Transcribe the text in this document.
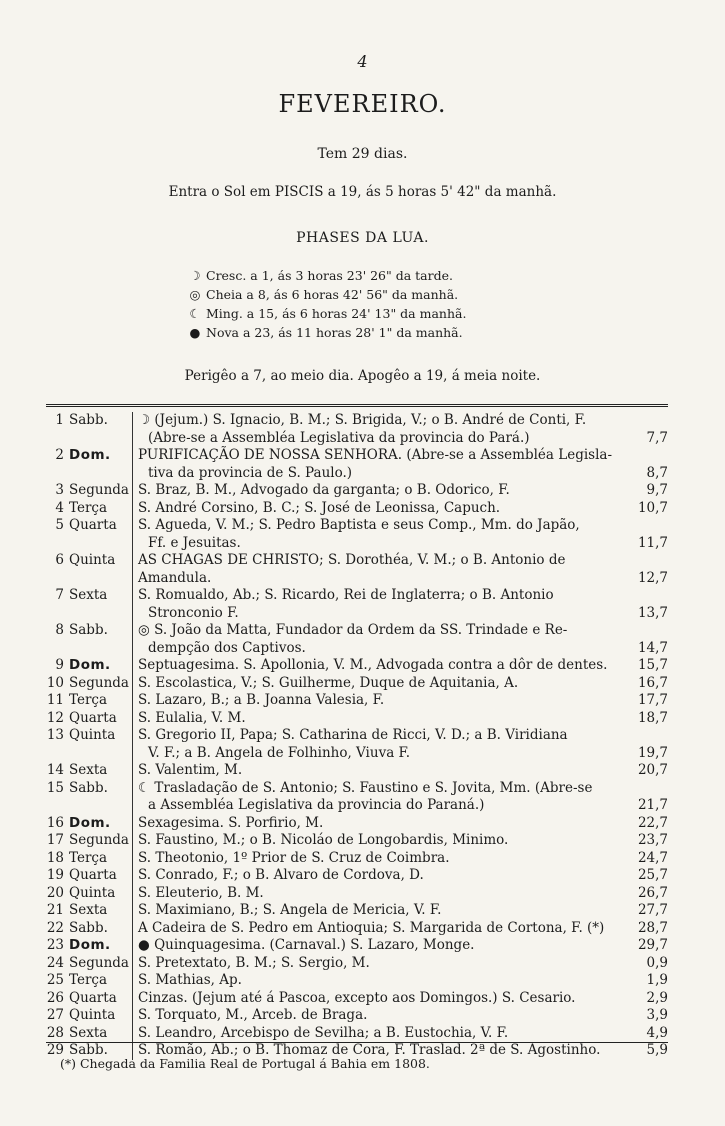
4
FEVEREIRO.
Tem 29 dias.
Entra o Sol em PISCIS a 19, ás 5 horas 5' 42" da manhã.
PHASES DA LUA.
☽ Cresc. a 1, ás 3 horas 23' 26" da tarde.
◎ Cheia a 8, ás 6 horas 42' 56" da manhã.
☾ Ming. a 15, ás 6 horas 24' 13" da manhã.
● Nova a 23, ás 11 horas 28' 1" da manhã.
Perigêo a 7, ao meio dia. Apogêo a 19, á meia noite.
1 Sabb.	☽ (Jejum.) S. Ignacio, B. M.; S. Brigida, V.; o B. André de Conti, F.
(Abre-se a Assembléa Legislativa da provincia do Pará.)	7,7
2 Dom.	PURIFICAÇÃO DE NOSSA SENHORA. (Abre-se a Assembléa Legisla-
tiva da provincia de S. Paulo.)	8,7
3 Segunda S. Braz, B. M., Advogado da garganta; o B. Odorico, F.	9,7
4 Terça	S. André Corsino, B. C.; S. José de Leonissa, Capuch.	10,7
5 Quarta	S. Agueda, V. M.; S. Pedro Baptista e seus Comp., Mm. do Japão,
Ff. e Jesuitas.	11,7
6 Quinta	AS CHAGAS DE CHRISTO; S. Dorothéa, V. M.; o B. Antonio de Amandula.	12,7
7 Sexta	S. Romualdo, Ab.; S. Ricardo, Rei de Inglaterra; o B. Antonio
Stronconio F.	13,7
8 Sabb.	◎ S. João da Matta, Fundador da Ordem da SS. Trindade e Re-
dempção dos Captivos.	14,7
9 Dom.	Septuagesima. S. Apollonia, V. M., Advogada contra a dôr de dentes.	15,7
10 Segunda S. Escolastica, V.; S. Guilherme, Duque de Aquitania, A.	16,7
11 Terça	S. Lazaro, B.; a B. Joanna Valesia, F.	17,7
12 Quarta	S. Eulalia, V. M.	18,7
13 Quinta	S. Gregorio II, Papa; S. Catharina de Ricci, V. D.; a B. Viridiana
V. F.; a B. Angela de Folhinho, Viuva F.	19,7
14 Sexta	S. Valentim, M.	20,7
15 Sabb.	☾ Trasladação de S. Antonio; S. Faustino e S. Jovita, Mm. (Abre-se
a Assembléa Legislativa da provincia do Paraná.)	21,7
16 Dom.	Sexagesima. S. Porfirio, M.	22,7
17 Segunda S. Faustino, M.; o B. Nicoláo de Longobardis, Minimo.	23,7
18 Terça	S. Theotonio, 1º Prior de S. Cruz de Coimbra.	24,7
19 Quarta	S. Conrado, F.; o B. Alvaro de Cordova, D.	25,7
20 Quinta	S. Eleuterio, B. M.	26,7
21 Sexta	S. Maximiano, B.; S. Angela de Mericia, V. F.	27,7
22 Sabb.	A Cadeira de S. Pedro em Antioquia; S. Margarida de Cortona, F. (*)	28,7
23 Dom.	● Quinquagesima. (Carnaval.) S. Lazaro, Monge.	29,7
24 Segunda S. Pretextato, B. M.; S. Sergio, M.	0,9
25 Terça	S. Mathias, Ap.	1,9
26 Quarta	Cinzas. (Jejum até á Pascoa, excepto aos Domingos.) S. Cesario.	2,9
27 Quinta	S. Torquato, M., Arceb. de Braga.	3,9
28 Sexta	S. Leandro, Arcebispo de Sevilha; a B. Eustochia, V. F.	4,9
29 Sabb.	S. Romão, Ab.; o B. Thomaz de Cora, F. Traslad. 2ª de S. Agostinho.	5,9
(*) Chegada da Familia Real de Portugal á Bahia em 1808.
